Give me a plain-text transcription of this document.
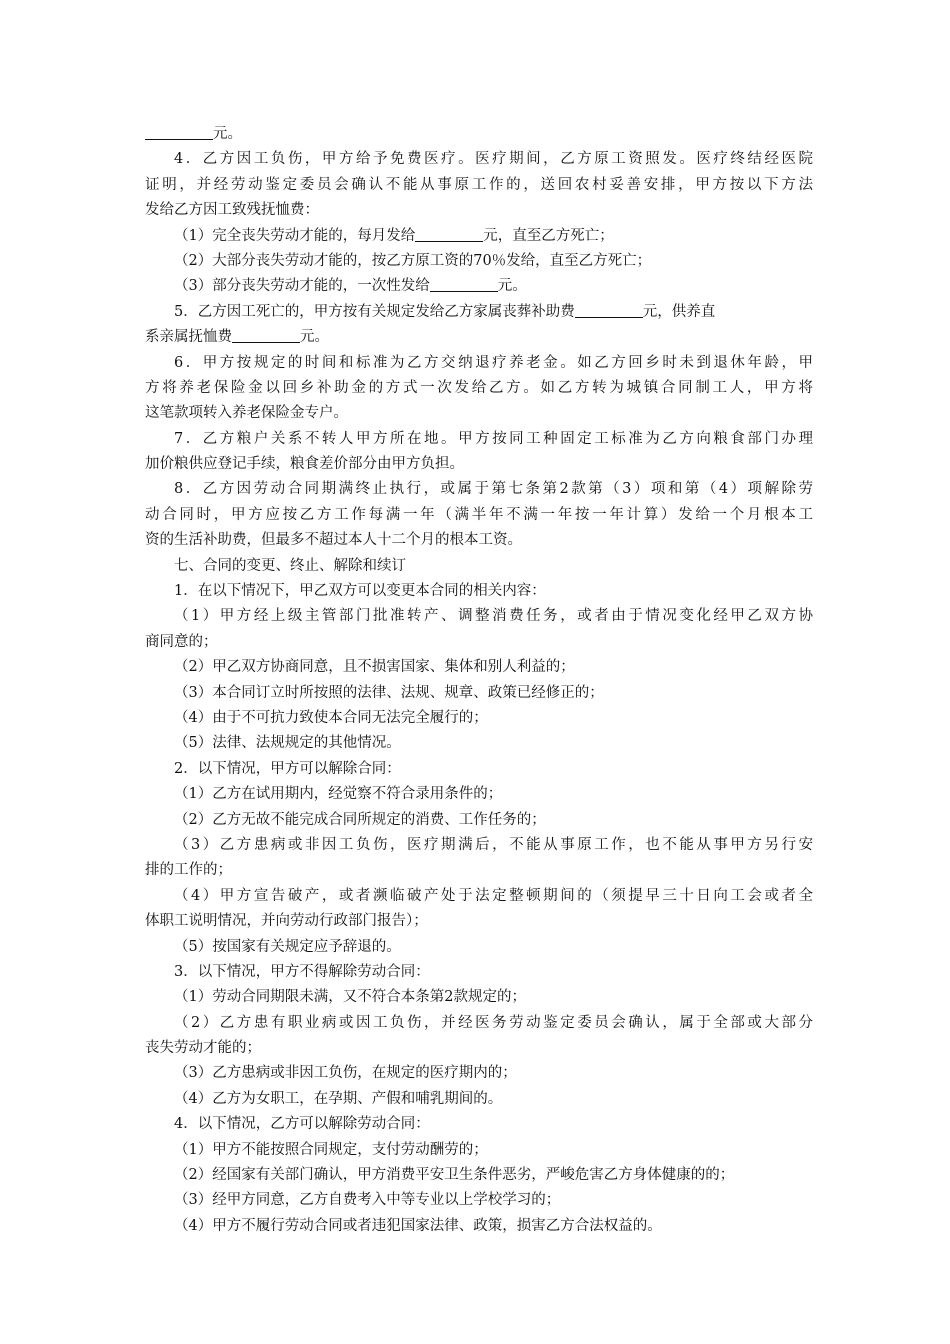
元。
4．乙方因工负伤，甲方给予免费医疗。医疗期间，乙方原工资照发。医疗终结经医院
证明，并经劳动鉴定委员会确认不能从事原工作的，送回农村妥善安排，甲方按以下方法
发给乙方因工致残抚恤费：
（1）完全丧失劳动才能的，每月发给	元，直至乙方死亡；
（2）大部分丧失劳动才能的，按乙方原工资的70％发给，直至乙方死亡；
（3）部分丧失劳动才能的，一次性发给	元。
5．乙方因工死亡的，甲方按有关规定发给乙方家属丧葬补助费	元，供养直
系亲属抚恤费	元。
6．甲方按规定的时间和标准为乙方交纳退疗养老金。如乙方回乡时未到退休年龄，甲
方将养老保险金以回乡补助金的方式一次发给乙方。如乙方转为城镇合同制工人，甲方将
这笔款项转入养老保险金专户。
7．乙方粮户关系不转人甲方所在地。甲方按同工种固定工标准为乙方向粮食部门办理
加价粮供应登记手续，粮食差价部分由甲方负担。
8．乙方因劳动合同期满终止执行，或属于第七条第2款第（3）项和第（4）项解除劳
动合同时，甲方应按乙方工作每满一年（满半年不满一年按一年计算）发给一个月根本工
资的生活补助费，但最多不超过本人十二个月的根本工资。
七、合同的变更、终止、解除和续订
1．在以下情况下，甲乙双方可以变更本合同的相关内容：
（1）甲方经上级主管部门批准转产、调整消费任务，或者由于情况变化经甲乙双方协
商同意的；
（2）甲乙双方协商同意，且不损害国家、集体和别人利益的；
（3）本合同订立时所按照的法律、法规、规章、政策已经修正的；
（4）由于不可抗力致使本合同无法完全履行的；
（5）法律、法规规定的其他情况。
2．以下情况，甲方可以解除合同：
（1）乙方在试用期内，经觉察不符合录用条件的；
（2）乙方无故不能完成合同所规定的消费、工作任务的；
（3）乙方患病或非因工负伤，医疗期满后，不能从事原工作，也不能从事甲方另行安
排的工作的；
（4）甲方宣告破产，或者濒临破产处于法定整顿期间的（须提早三十日向工会或者全
体职工说明情况，并向劳动行政部门报告）；
（5）按国家有关规定应予辞退的。
3．以下情况，甲方不得解除劳动合同：
（1）劳动合同期限未满，又不符合本条第2款规定的；
（2）乙方患有职业病或因工负伤，并经医务劳动鉴定委员会确认，属于全部或大部分
丧失劳动才能的；
（3）乙方患病或非因工负伤，在规定的医疗期内的；
（4）乙方为女职工，在孕期、产假和哺乳期间的。
4．以下情况，乙方可以解除劳动合同：
（1）甲方不能按照合同规定，支付劳动酬劳的；
（2）经国家有关部门确认，甲方消费平安卫生条件恶劣，严峻危害乙方身体健康的的；
（3）经甲方同意，乙方自费考入中等专业以上学校学习的；
（4）甲方不履行劳动合同或者违犯国家法律、政策，损害乙方合法权益的。
